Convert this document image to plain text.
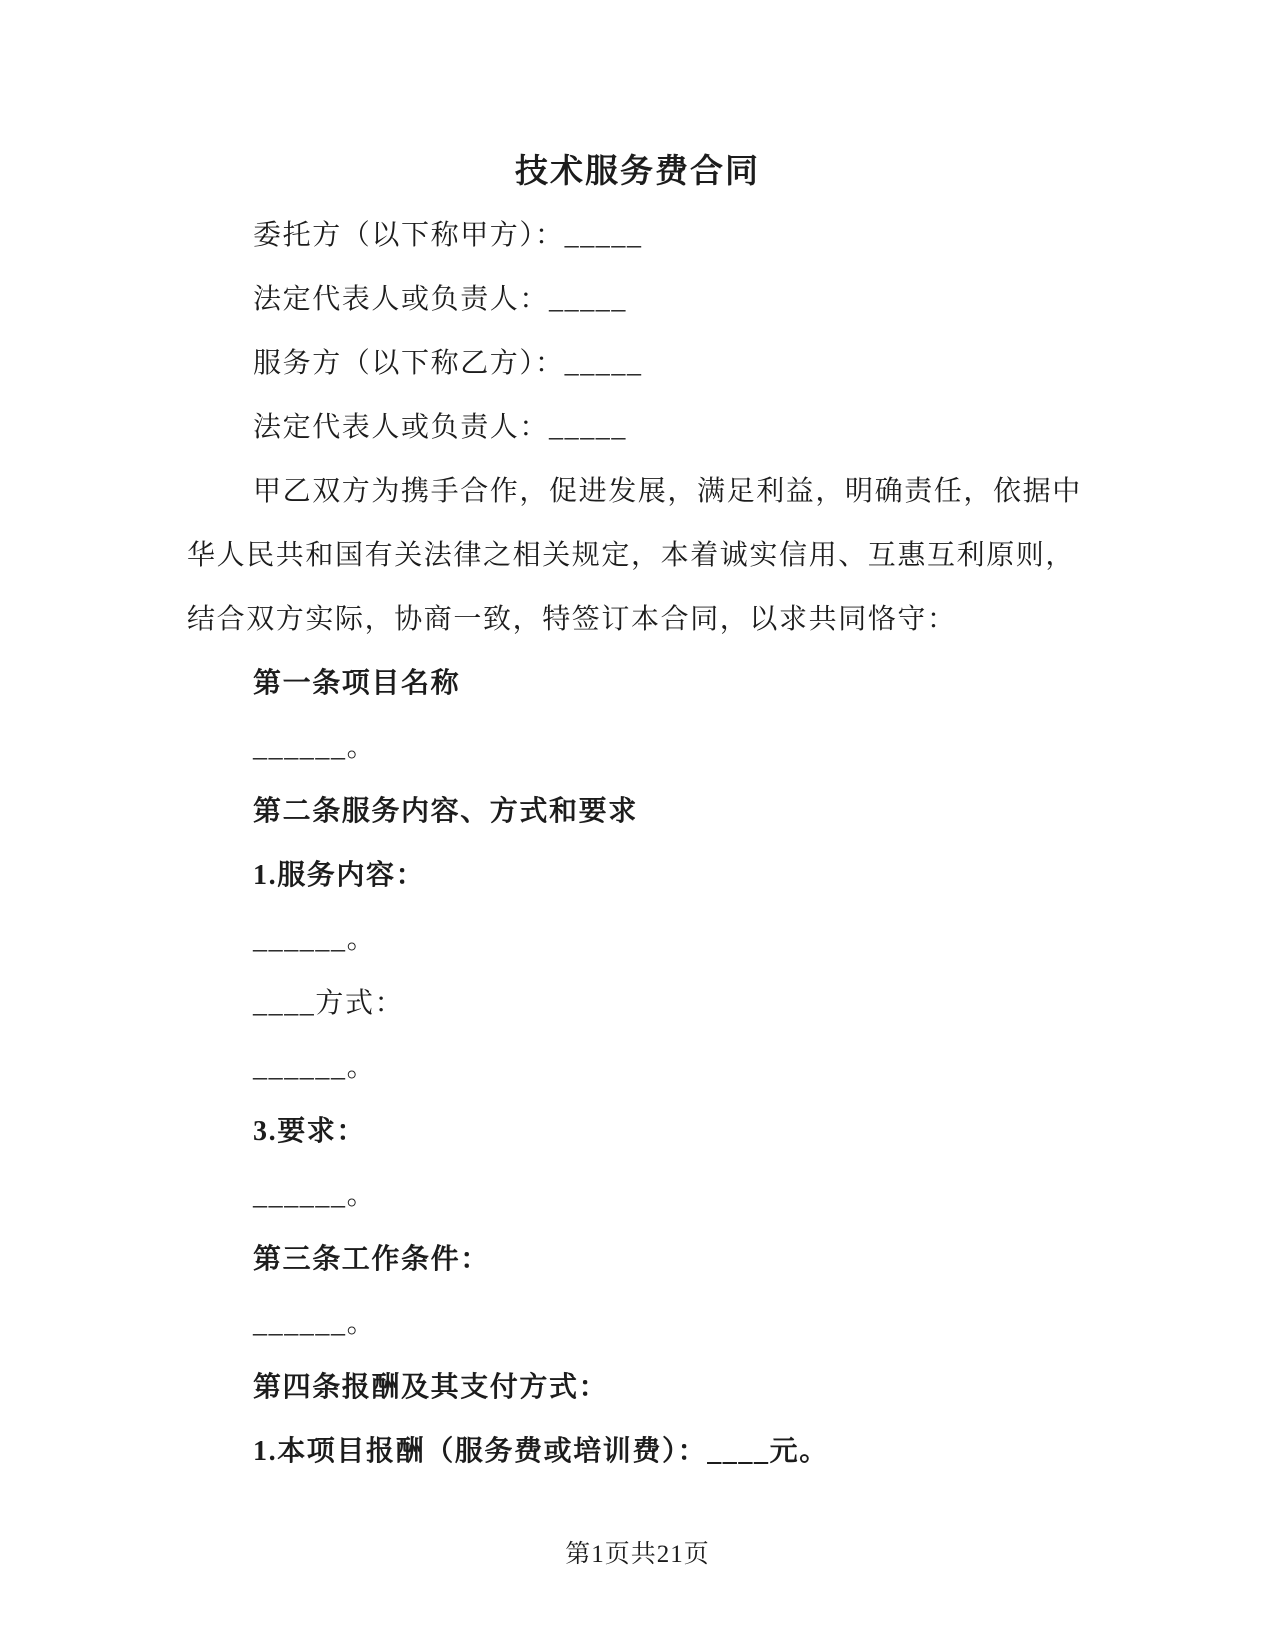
技术服务费合同
委托方（以下称甲方）：_____
法定代表人或负责人：_____
服务方（以下称乙方）：_____
法定代表人或负责人：_____
甲乙双方为携手合作，促进发展，满足利益，明确责任，依据中
华人民共和国有关法律之相关规定，本着诚实信用、互惠互利原则，
结合双方实际，协商一致，特签订本合同，以求共同恪守：
第一条项目名称
______。
第二条服务内容、方式和要求
1.服务内容：
______。
____方式：
______。
3.要求：
______。
第三条工作条件：
______。
第四条报酬及其支付方式：
1.本项目报酬（服务费或培训费）：____元。
第1页共21页
